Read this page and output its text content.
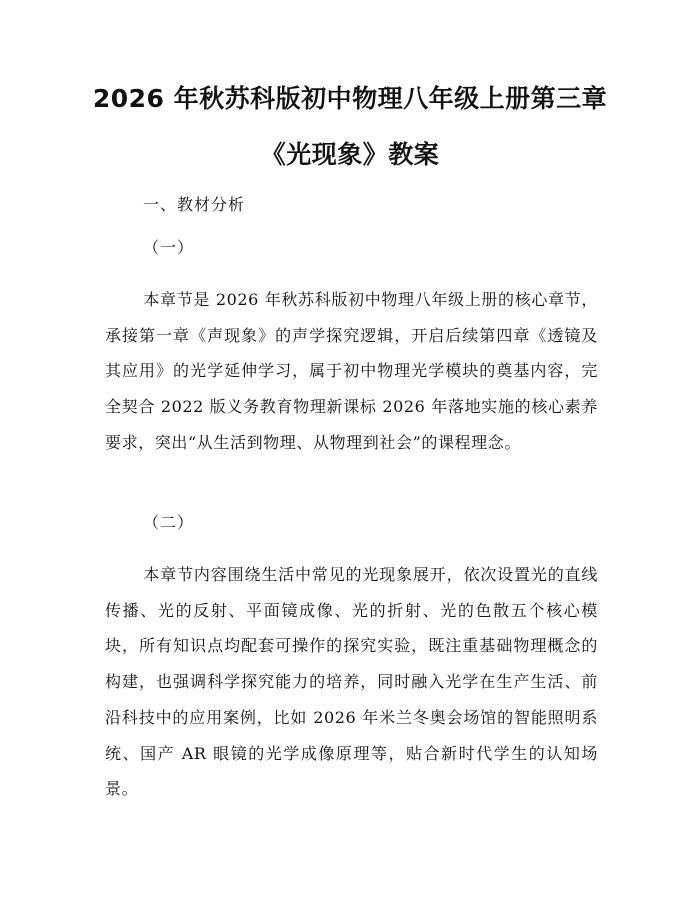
2026 年秋苏科版初中物理八年级上册第三章
《光现象》教案
一、教材分析
（一）

本章节是 2026 年秋苏科版初中物理八年级上册的核心章节，承接第一章《声现象》的声学探究逻辑，开启后续第四章《透镜及其应用》的光学延伸学习，属于初中物理光学模块的奠基内容，完全契合 2022 版义务教育物理新课标 2026 年落地实施的核心素养要求，突出“从生活到物理、从物理到社会”的课程理念。

（二）

本章节内容围绕生活中常见的光现象展开，依次设置光的直线传播、光的反射、平面镜成像、光的折射、光的色散五个核心模块，所有知识点均配套可操作的探究实验，既注重基础物理概念的构建，也强调科学探究能力的培养，同时融入光学在生产生活、前沿科技中的应用案例，比如 2026 年米兰冬奥会场馆的智能照明系统、国产 AR 眼镜的光学成像原理等，贴合新时代学生的认知场景。
